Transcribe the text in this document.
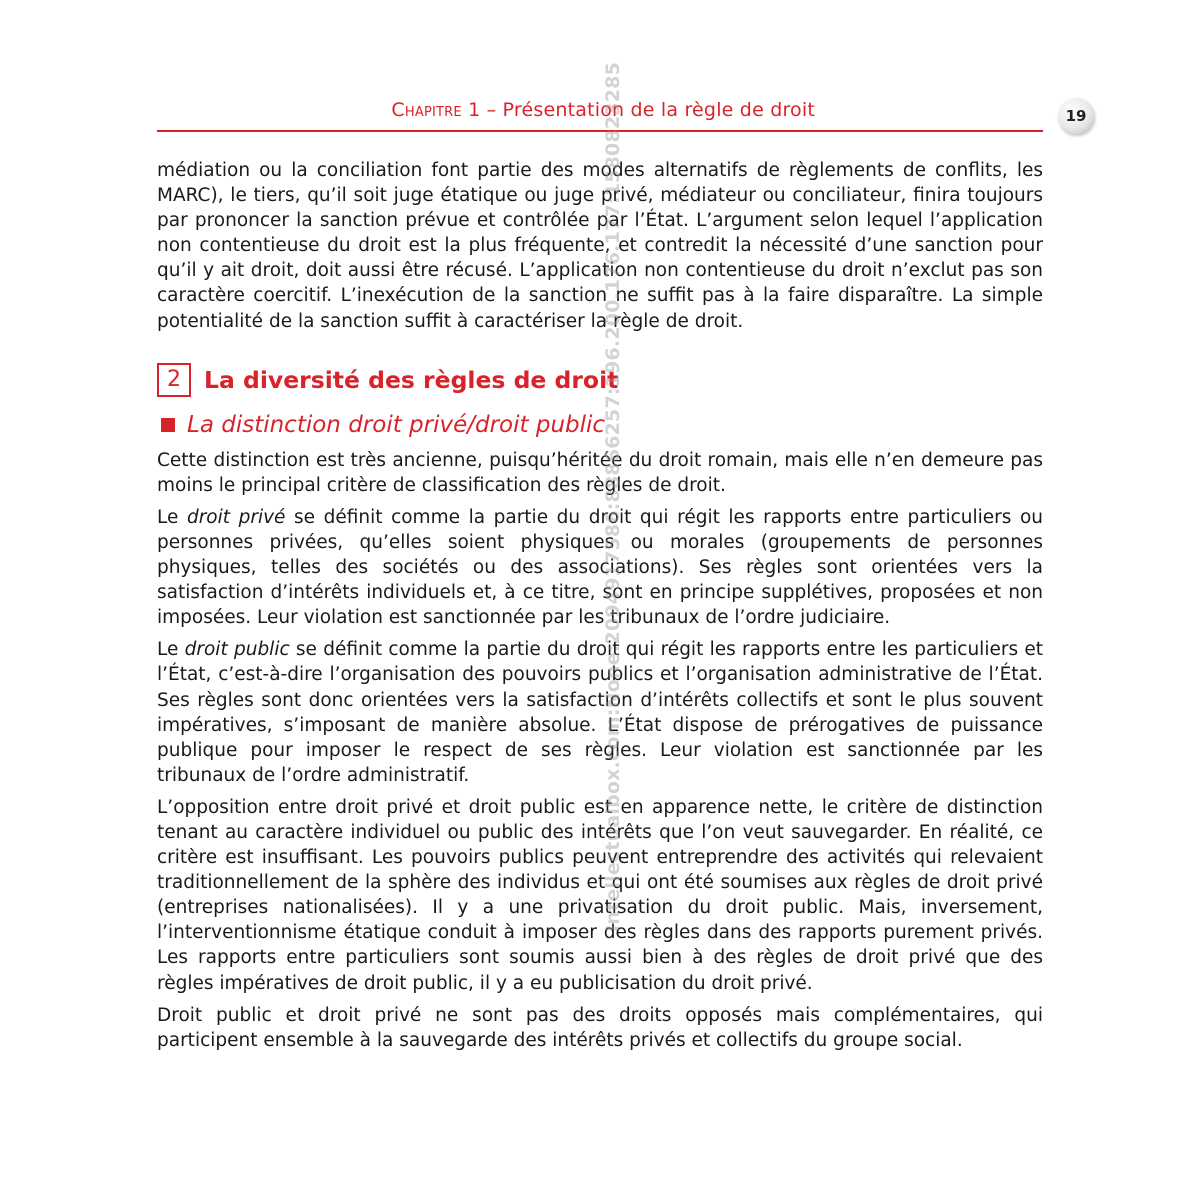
Chapitre 1 – Présentation de la règle de droit	19

médiation ou la conciliation font partie des modes alternatifs de règlements de conflits, les MARC), le tiers, qu’il soit juge étatique ou juge privé, médiateur ou conciliateur, finira toujours par prononcer la sanction prévue et contrôlée par l’État. L’argument selon lequel l’application non contentieuse du droit est la plus fréquente, et contredit la nécessité d’une sanction pour qu’il y ait droit, doit aussi être récusé. L’application non contentieuse du droit n’exclut pas son caractère coercitif. L’inexécution de la sanction ne suffit pas à la faire disparaître. La simple potentialité de la sanction suffit à caractériser la règle de droit.

2 La diversité des règles de droit
La distinction droit privé/droit public

Cette distinction est très ancienne, puisqu’héritée du droit romain, mais elle n’en demeure pas moins le principal critère de classification des règles de droit.

Le droit privé se définit comme la partie du droit qui régit les rapports entre particuliers ou personnes privées, qu’elles soient physiques ou morales (groupements de personnes physiques, telles des sociétés ou des associations). Ses règles sont orientées vers la satisfaction d’intérêts individuels et, à ce titre, sont en principe supplétives, proposées et non imposées. Leur violation est sanctionnée par les tribunaux de l’ordre judiciaire.

Le droit public se définit comme la partie du droit qui régit les rapports entre les particuliers et l’État, c’est-à-dire l’organisation des pouvoirs publics et l’organisation administrative de l’État. Ses règles sont donc orientées vers la satisfaction d’intérêts collectifs et sont le plus souvent impératives, s’imposant de manière absolue. L’État dispose de prérogatives de puissance publique pour imposer le respect de ses règles. Leur violation est sanctionnée par les tribunaux de l’ordre administratif.

L’opposition entre droit privé et droit public est en apparence nette, le critère de distinction tenant au caractère individuel ou public des intérêts que l’on veut sauvegarder. En réalité, ce critère est insuffisant. Les pouvoirs publics peuvent entreprendre des activités qui relevaient traditionnellement de la sphère des individus et qui ont été soumises aux règles de droit privé (entreprises nationalisées). Il y a une privatisation du droit public. Mais, inversement, l’interventionnisme étatique conduit à imposer des règles dans des rapports purement privés. Les rapports entre particuliers sont soumis aussi bien à des règles de droit privé que des règles impératives de droit public, il y a eu publicisation du droit privé.

Droit public et droit privé ne sont pas des droits opposés mais complémentaires, qui participent ensemble à la sauvegarde des intérêts privés et collectifs du groupe social.

Intellectualbox.com:None:2094917586:88866257:196.200.176.177:1580823285
